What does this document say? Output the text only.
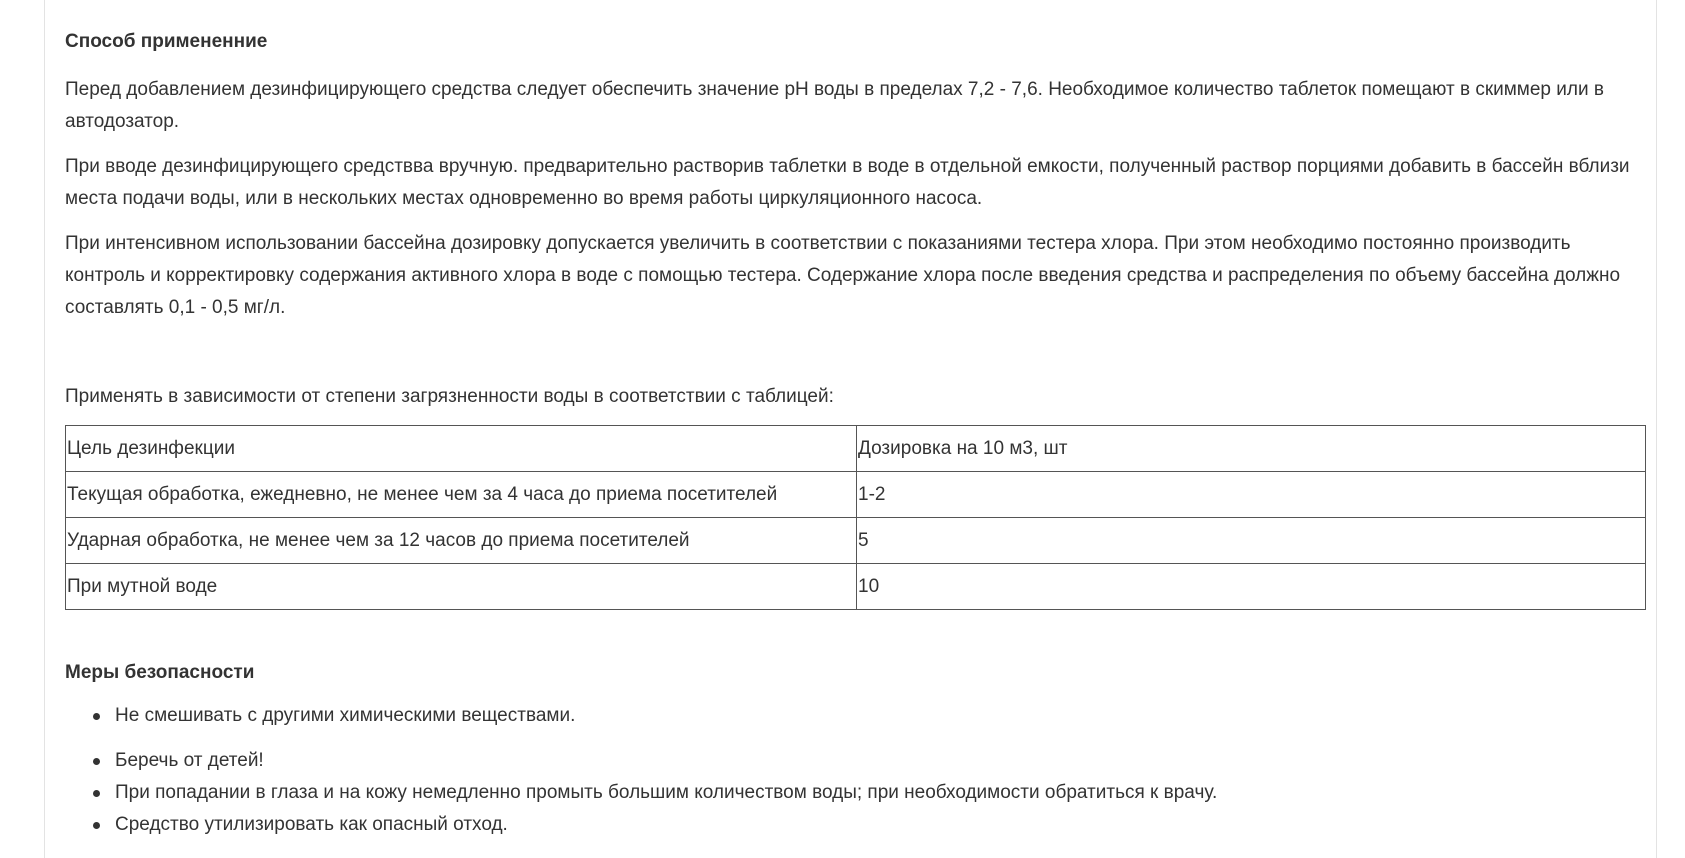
Способ примененние

Перед добавлением дезинфицирующего средства следует обеспечить значение pH воды в пределах 7,2 - 7,6. Необходимое количество таблеток помещают в скиммер или в автодозатор.

При вводе дезинфицирующего средствва вручную. предварительно растворив таблетки в воде в отдельной емкости, полученный раствор порциями добавить в бассейн вблизи места подачи воды, или в нескольких местах одновременно во время работы циркуляционного насоса.

При интенсивном использовании бассейна дозировку допускается увеличить в соответствии с показаниями тестера хлора. При этом необходимо постоянно производить контроль и корректировку содержания активного хлора в воде с помощью тестера. Содержание хлора после введения средства и распределения по объему бассейна должно составлять 0,1 - 0,5 мг/л.

Применять в зависимости от степени загрязненности воды в соответствии с таблицей:

Цель дезинфекции	Дозировка на 10 м3, шт
Текущая обработка, ежедневно, не менее чем за 4 часа до приема посетителей	1-2
Ударная обработка, не менее чем за 12 часов до приема посетителей	5
При мутной воде	10
Меры безопасности
Не смешивать с другими химическими веществами.
Беречь от детей!
При попадании в глаза и на кожу немедленно промыть большим количеством воды; при необходимости обратиться к врачу.
Средство утилизировать как опасный отход.
